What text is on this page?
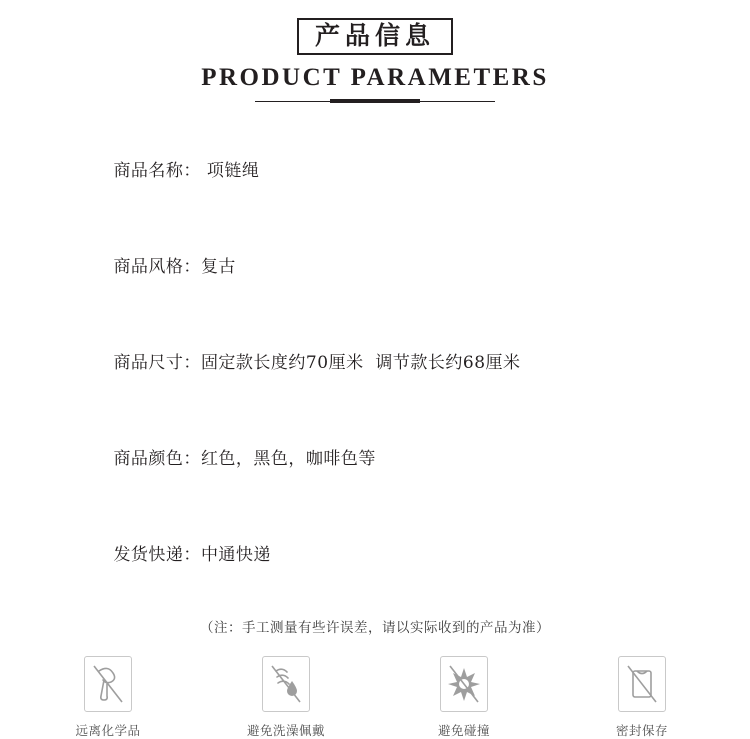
产品信息
PRODUCT PARAMETERS

商品名称： 项链绳

商品风格：复古

商品尺寸：固定款长度约70厘米  调节款长约68厘米

商品颜色：红色，黑色，咖啡色等

发货快递：中通快递

（注：手工测量有些许误差，请以实际收到的产品为准）
远离化学品	避免洗澡佩戴	避免碰撞	密封保存
